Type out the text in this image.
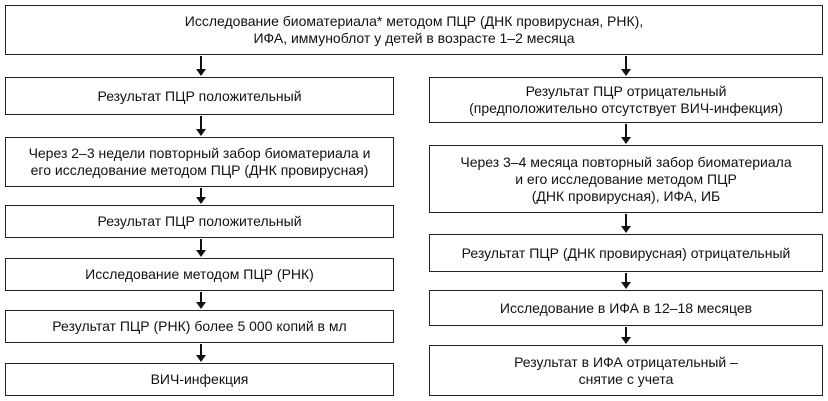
Исследование биоматериала* методом ПЦР (ДНК провирусная, РНК),
ИФА, иммуноблот у детей в возрасте 1–2 месяца
Результат ПЦР положительный
Через 2–3 недели повторный забор биоматериала и
его исследование методом ПЦР (ДНК провирусная)
Результат ПЦР положительный
Исследование методом ПЦР (РНК)
Результат ПЦР (РНК) более 5 000 копий в мл
ВИЧ-инфекция
Результат ПЦР отрицательный
(предположительно отсутствует ВИЧ-инфекция)
Через 3–4 месяца повторный забор биоматериала
и его исследование методом ПЦР
(ДНК провирусная), ИФА, ИБ
Результат ПЦР (ДНК провирусная) отрицательный
Исследование в ИФА в 12–18 месяцев
Результат в ИФА отрицательный –
снятие с учета
